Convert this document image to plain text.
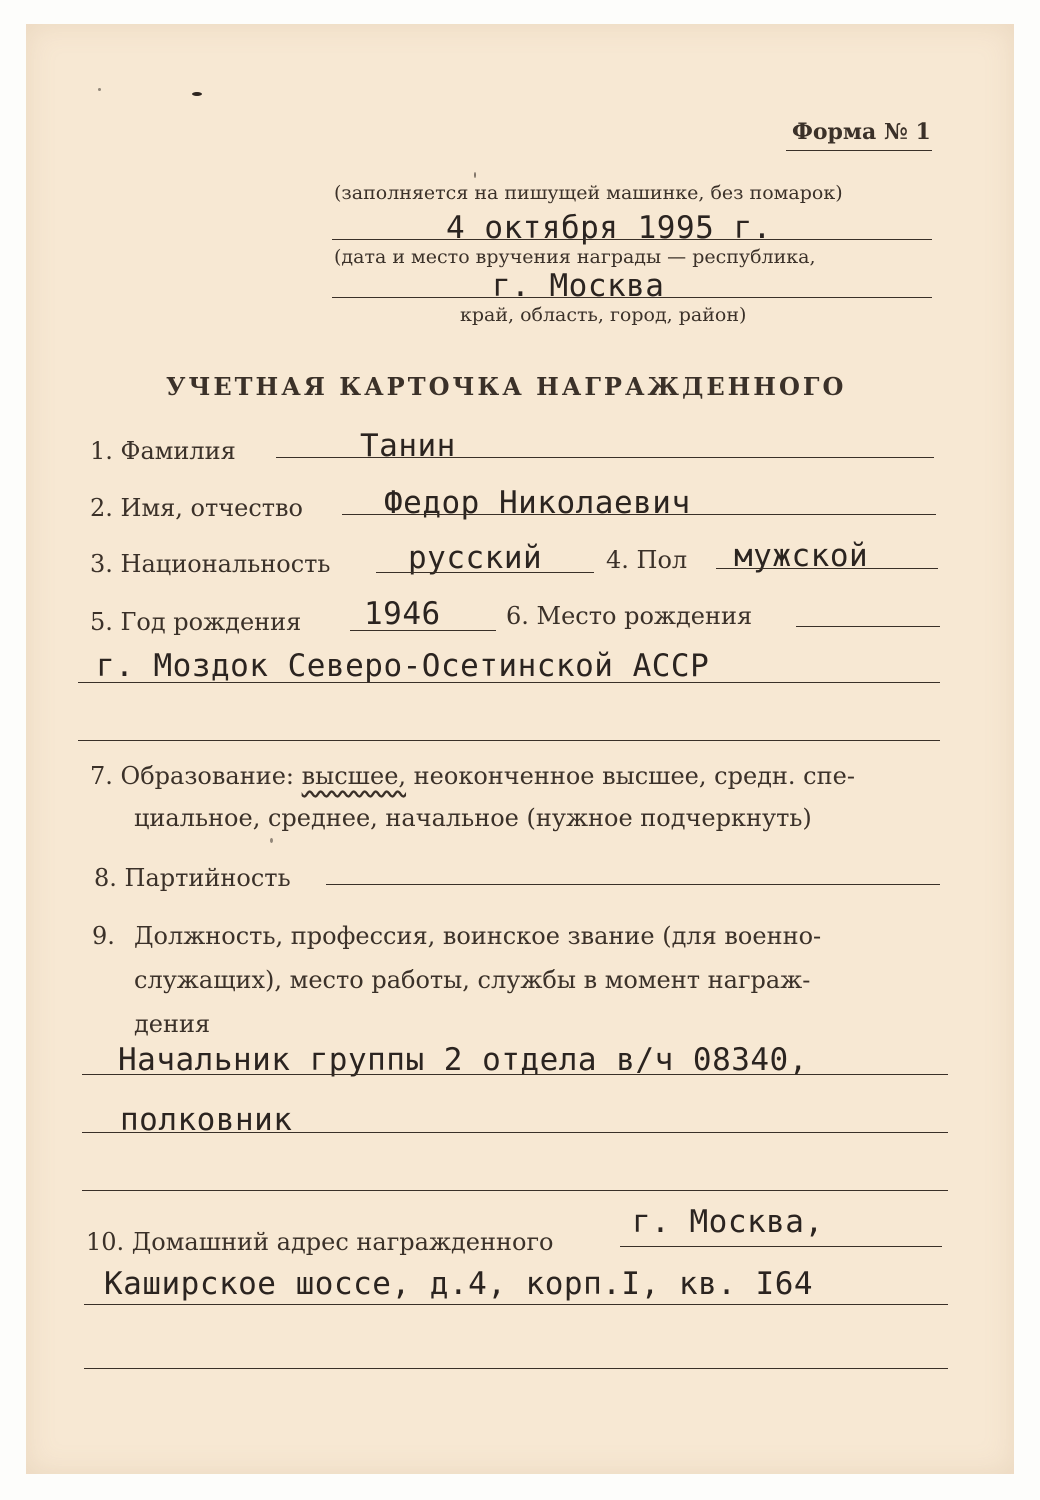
Форма № 1
(заполняется на пишущей машинке, без помарок)
4 октября 1995 г.
(дата и место вручения награды — республика,
г. Москва
край, область, город, район)
УЧЕТНАЯ КАРТОЧКА НАГРАЖДЕННОГО
1. Фамилия	Танин
2. Имя, отчество	Федор Николаевич
3. Национальность	русский	4. Пол мужской
5. Год рождения 1946	6. Место рождения
г. Моздок Северо-Осетинской АССР
7. Образование: высшее, неоконченное высшее, средн. спе-
циальное, среднее, начальное (нужное подчеркнуть)
8. Партийность
9. Должность, профессия, воинское звание (для военно-
служащих), место работы, службы в момент награж-
дения
Начальник группы 2 отдела в/ч 08340,
полковник
10. Домашний адрес награжденного
г. Москва,
Каширское шоссе, д.4, корп.I, кв. I64
